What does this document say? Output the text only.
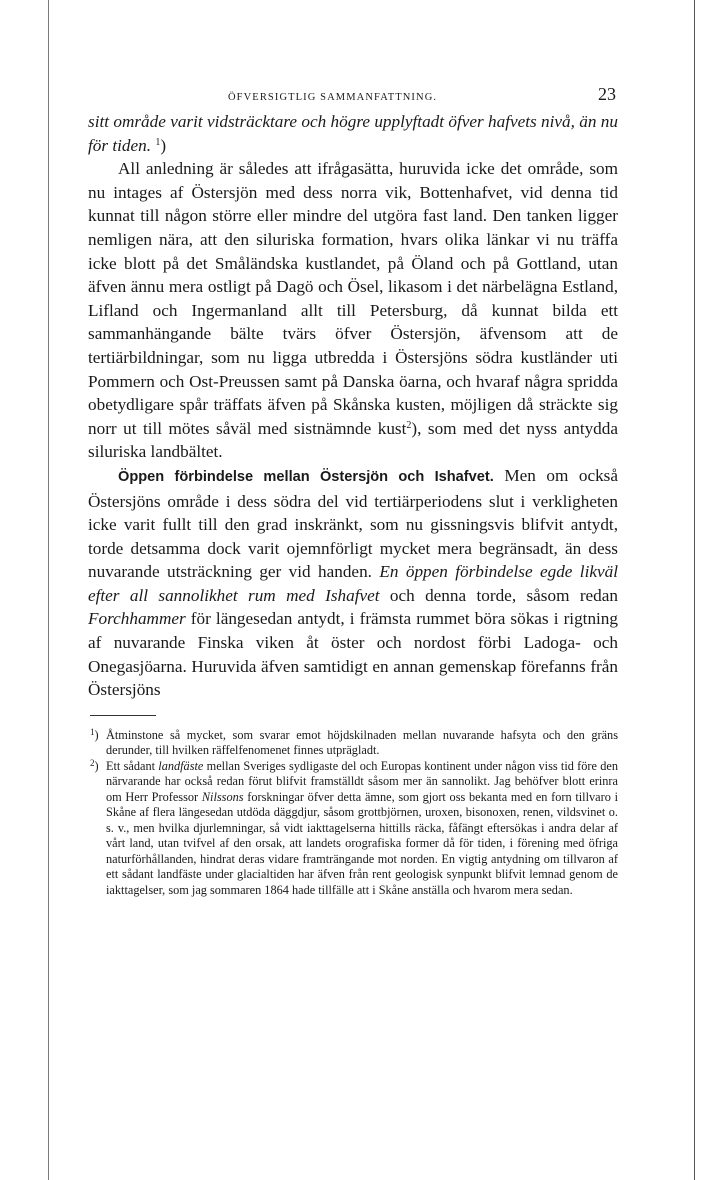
ÖFVERSIGTLIG SAMMANFATTNING.	23

sitt område varit vidsträcktare och högre upplyftadt öfver hafvets nivå, än nu för tiden. $^1$)

All anledning är således att ifrågasätta, huruvida icke det område, som nu intages af Östersjön med dess norra vik, Bottenhafvet, vid denna tid kunnat till någon större eller mindre del utgöra fast land. Den tanken ligger nemligen nära, att den siluriska formation, hvars olika länkar vi nu träffa icke blott på det Småländska kustlandet, på Öland och på Gottland, utan äfven ännu mera ostligt på Dagö och Ösel, likasom i det närbelägna Estland, Lifland och Ingermanland allt till Petersburg, då kunnat bilda ett sammanhängande bälte tvärs öfver Östersjön, äfvensom att de tertiärbildningar, som nu ligga utbredda i Östersjöns södra kustländer uti Pommern och Ost-Preussen samt på Danska öarna, och hvaraf några spridda obetydligare spår träffats äfven på Skånska kusten, möjligen då sträckte sig norr ut till mötes såväl med sistnämnde kust$^2$), som med det nyss antydda siluriska landbältet.

Öppen förbindelse mellan Östersjön och Ishafvet. Men om också Östersjöns område i dess södra del vid tertiärperiodens slut i verkligheten icke varit fullt till den grad inskränkt, som nu gissningsvis blifvit antydt, torde detsamma dock varit ojemnförligt mycket mera begränsadt, än dess nuvarande utsträckning ger vid handen. En öppen förbindelse egde likväl efter all sannolikhet rum med Ishafvet och denna torde, såsom redan Forchhammer för längesedan antydt, i främsta rummet böra sökas i rigtning af nuvarande Finska viken åt öster och nordost förbi Ladoga- och Onegasjöarna. Huruvida äfven samtidigt en annan gemenskap förefanns från Östersjöns

$^1$) Åtminstone så mycket, som svarar emot höjdskilnaden mellan nuvarande hafsyta och den gräns derunder, till hvilken räffelfenomenet finnes utprägladt.
$^2$) Ett sådant landfäste mellan Sveriges sydligaste del och Europas kontinent under någon viss tid före den närvarande har också redan förut blifvit framställdt såsom mer än sannolikt. Jag behöfver blott erinra om Herr Professor Nilssons forskningar öfver detta ämne, som gjort oss bekanta med en forn tillvaro i Skåne af flera längesedan utdöda däggdjur, såsom grottbjörnen, uroxen, bisonoxen, renen, vildsvinet o. s. v., men hvilka djurlemningar, så vidt iakttagelserna hittills räcka, fåfängt eftersökas i andra delar af vårt land, utan tvifvel af den orsak, att landets orografiska former då för tiden, i förening med öfriga naturförhållanden, hindrat deras vidare framträngande mot norden. En vigtig antydning om tillvaron af ett sådant landfäste under glacialtiden har äfven från rent geologisk synpunkt blifvit lemnad genom de iakttagelser, som jag sommaren 1864 hade tillfälle att i Skåne anställa och hvarom mera sedan.
